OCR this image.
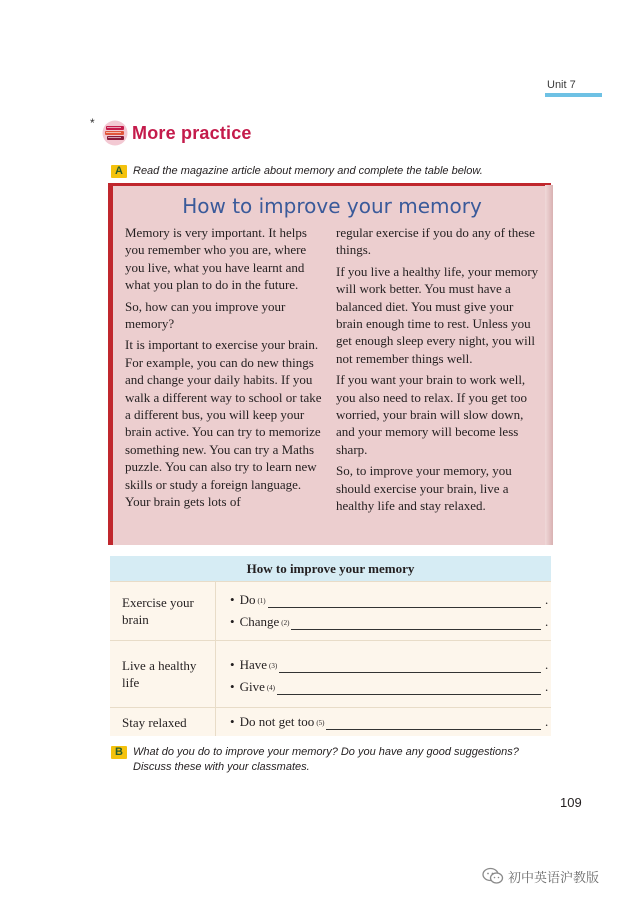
Unit 7
* More practice
A Read the magazine article about memory and complete the table below.
How to improve your memory

Memory is very important. It helps you remember who you are, where you live, what you have learnt and what you plan to do in the future.

So, how can you improve your memory?

It is important to exercise your brain. For example, you can do new things and change your daily habits. If you walk a different way to school or take a different bus, you will keep your brain active. You can try to memorize something new. You can try a Maths puzzle. You can also try to learn new skills or study a foreign language. Your brain gets lots of

regular exercise if you do any of these things.

If you live a healthy life, your memory will work better. You must have a balanced diet. You must give your brain enough time to rest. Unless you get enough sleep every night, you will not remember things well.

If you want your brain to work well, you also need to relax. If you get too worried, your brain will slow down, and your memory will become less sharp.

So, to improve your memory, you should exercise your brain, live a healthy life and stay relaxed.

How to improve your memory
Exercise your brain
• Do $^{(1)}$	.
• Change $^{(2)}$	.
Live a healthy life
• Have $^{(3)}$	.
• Give $^{(4)}$	.
Stay relaxed	• Do not get too $^{(5)}$	.
B What do you do to improve your memory? Do you have any good suggestions?
Discuss these with your classmates.
109
初中英语沪教版
